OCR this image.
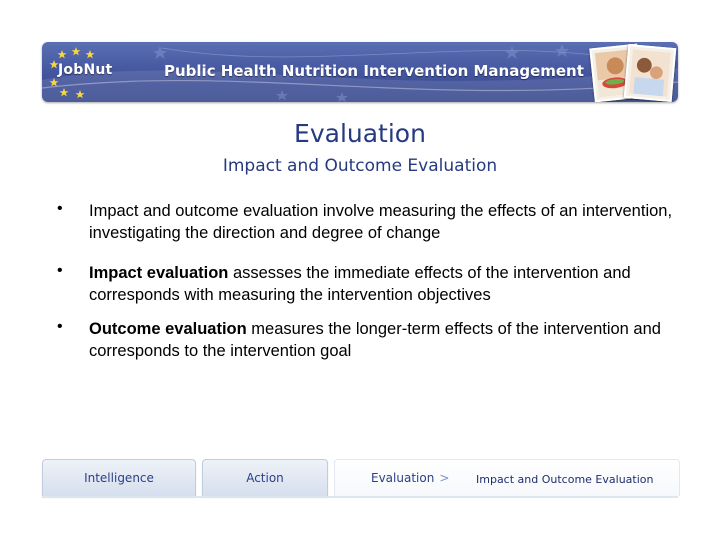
JobNut	Public Health Nutrition Intervention Management
Evaluation
Impact and Outcome Evaluation
• Impact and outcome evaluation involve measuring the effects of an intervention, investigating the direction and degree of change
• Impact evaluation assesses the immediate effects of the intervention and corresponds with measuring the intervention objectives
• Outcome evaluation measures the longer-term effects of the intervention and corresponds to the intervention goal
Intelligence	Action	Evaluation > Impact and Outcome Evaluation
